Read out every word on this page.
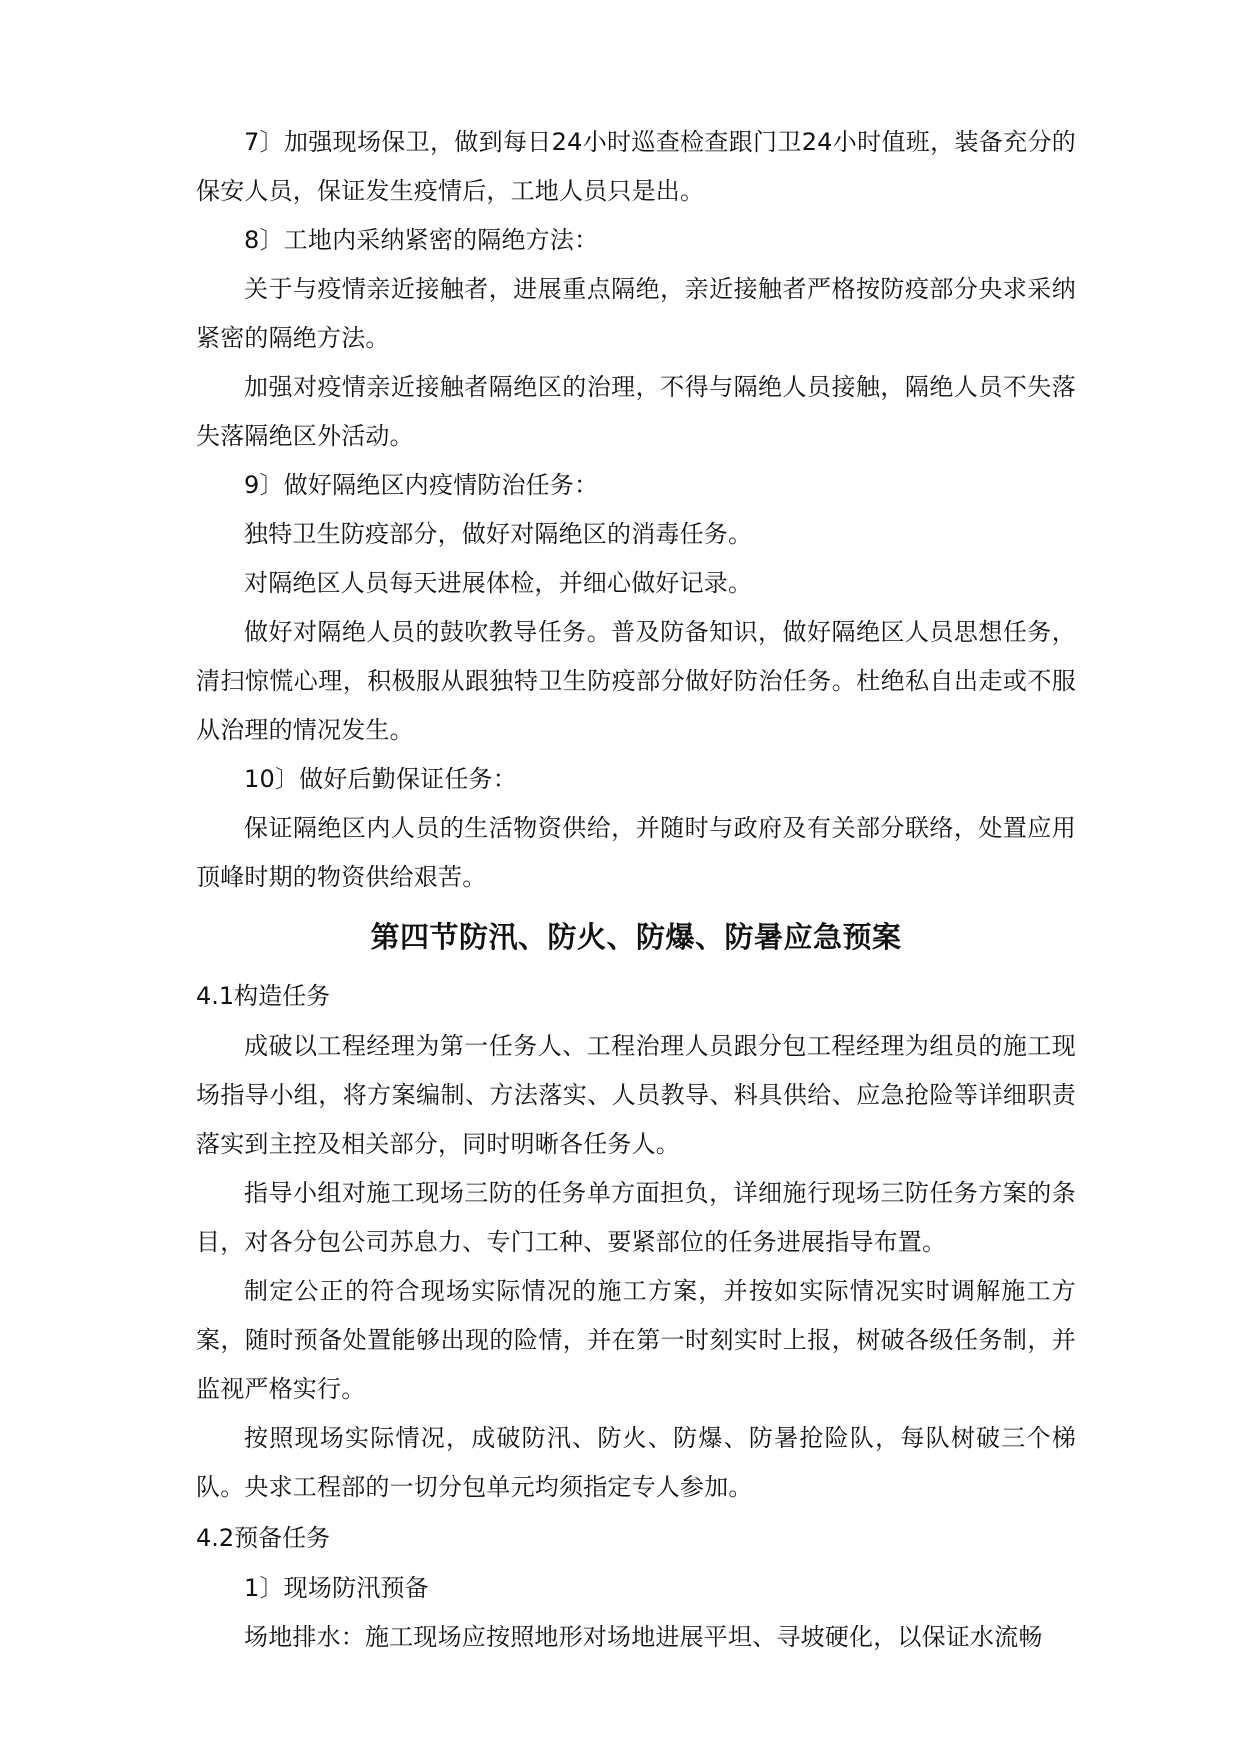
7〕加强现场保卫，做到每日24小时巡查检查跟门卫24小时值班，装备充分的保安人员，保证发生疫情后，工地人员只是出。

8〕工地内采纳紧密的隔绝方法：

关于与疫情亲近接触者，进展重点隔绝，亲近接触者严格按防疫部分央求采纳紧密的隔绝方法。

加强对疫情亲近接触者隔绝区的治理，不得与隔绝人员接触，隔绝人员不失落失落隔绝区外活动。

9〕做好隔绝区内疫情防治任务：

独特卫生防疫部分，做好对隔绝区的消毒任务。

对隔绝区人员每天进展体检，并细心做好记录。

做好对隔绝人员的鼓吹教导任务。普及防备知识，做好隔绝区人员思想任务，清扫惊慌心理，积极服从跟独特卫生防疫部分做好防治任务。杜绝私自出走或不服从治理的情况发生。

10〕做好后勤保证任务：

保证隔绝区内人员的生活物资供给，并随时与政府及有关部分联络，处置应用顶峰时期的物资供给艰苦。

第四节防汛、防火、防爆、防暑应急预案

4.1构造任务

成破以工程经理为第一任务人、工程治理人员跟分包工程经理为组员的施工现场指导小组，将方案编制、方法落实、人员教导、料具供给、应急抢险等详细职责落实到主控及相关部分，同时明晰各任务人。

指导小组对施工现场三防的任务单方面担负，详细施行现场三防任务方案的条目，对各分包公司苏息力、专门工种、要紧部位的任务进展指导布置。

制定公正的符合现场实际情况的施工方案，并按如实际情况实时调解施工方案，随时预备处置能够出现的险情，并在第一时刻实时上报，树破各级任务制，并监视严格实行。

按照现场实际情况，成破防汛、防火、防爆、防暑抢险队，每队树破三个梯队。央求工程部的一切分包单元均须指定专人参加。

4.2预备任务

1〕现场防汛预备

场地排水：施工现场应按照地形对场地进展平坦、寻坡硬化，以保证水流畅
